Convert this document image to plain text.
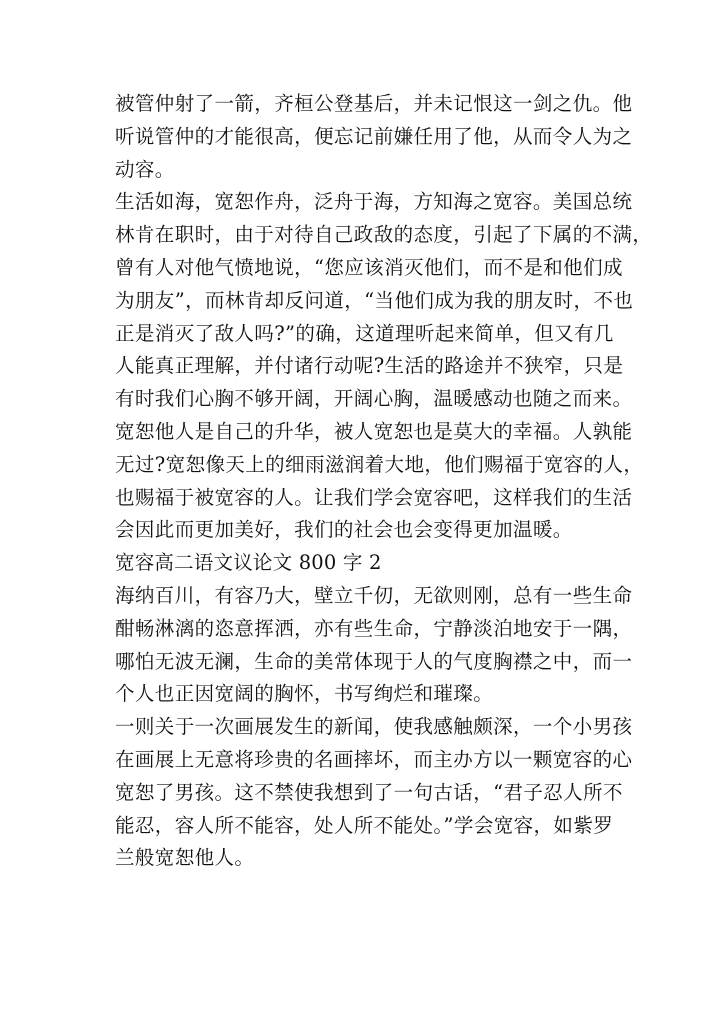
被管仲射了一箭，齐桓公登基后，并未记恨这一剑之仇。他
听说管仲的才能很高，便忘记前嫌任用了他，从而令人为之
动容。
生活如海，宽恕作舟，泛舟于海，方知海之宽容。美国总统
林肯在职时，由于对待自己政敌的态度，引起了下属的不满，
曾有人对他气愤地说，“您应该消灭他们，而不是和他们成
为朋友”，而林肯却反问道，“当他们成为我的朋友时，不也
正是消灭了敌人吗?”的确，这道理听起来简单，但又有几
人能真正理解，并付诸行动呢?生活的路途并不狭窄，只是
有时我们心胸不够开阔，开阔心胸，温暖感动也随之而来。
宽恕他人是自己的升华，被人宽恕也是莫大的幸福。人孰能
无过?宽恕像天上的细雨滋润着大地，他们赐福于宽容的人，
也赐福于被宽容的人。让我们学会宽容吧，这样我们的生活
会因此而更加美好，我们的社会也会变得更加温暖。
宽容高二语文议论文 800 字 2
海纳百川，有容乃大，壁立千仞，无欲则刚，总有一些生命
酣畅淋漓的恣意挥洒，亦有些生命，宁静淡泊地安于一隅，
哪怕无波无澜，生命的美常体现于人的气度胸襟之中，而一
个人也正因宽阔的胸怀，书写绚烂和璀璨。
一则关于一次画展发生的新闻，使我感触颇深，一个小男孩
在画展上无意将珍贵的名画摔坏，而主办方以一颗宽容的心
宽恕了男孩。这不禁使我想到了一句古话，“君子忍人所不
能忍，容人所不能容，处人所不能处。”学会宽容，如紫罗
兰般宽恕他人。
